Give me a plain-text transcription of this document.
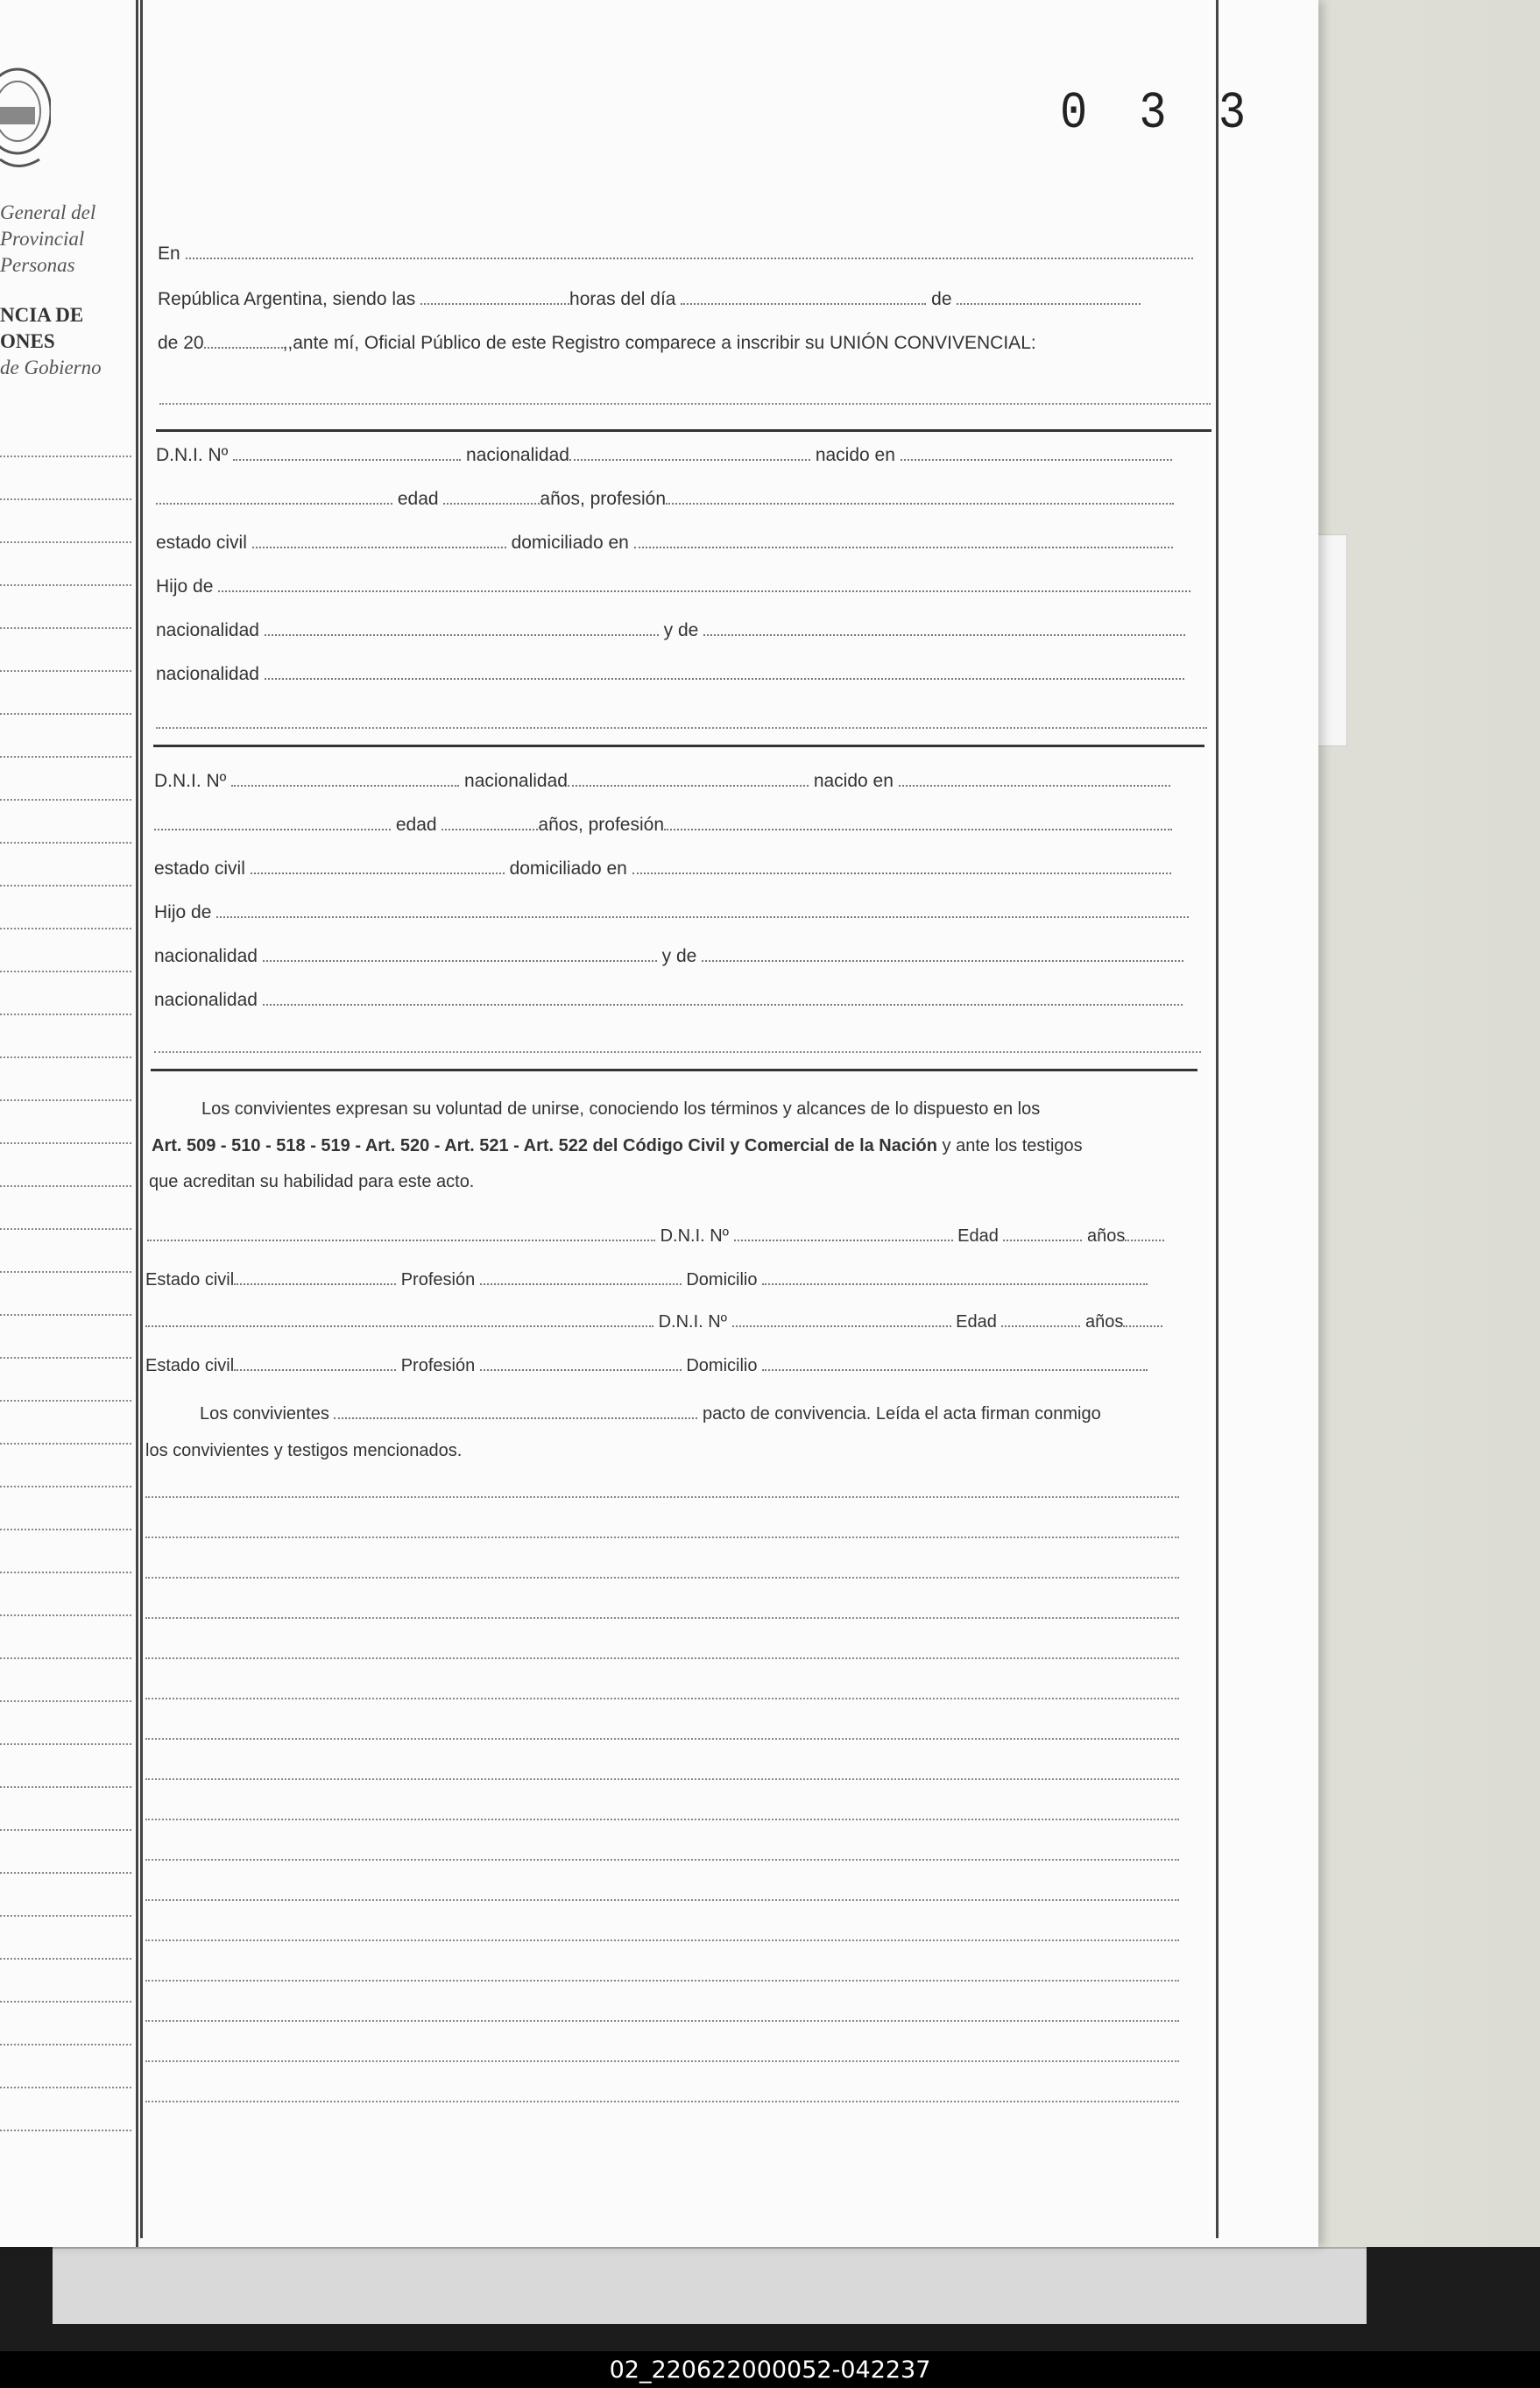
General del
Provincial
Personas
NCIA DE
ONES
de Gobierno
0 3 3
En
República Argentina, siendo las	horas del día	de
de 20	,,ante mí, Oficial Público de este Registro comparece a inscribir su UNIÓN CONVIVENCIAL:
D.N.I. Nº	nacionalidad	nacido en
edad	años, profesión
estado civil	domiciliado en
Hijo de
nacionalidad	y de
nacionalidad
D.N.I. Nº	nacionalidad	nacido en
edad	años, profesión
estado civil	domiciliado en
Hijo de
nacionalidad	y de
nacionalidad
Los convivientes expresan su voluntad de unirse, conociendo los términos y alcances de lo dispuesto en los
Art. 509 - 510 - 518 - 519 - Art. 520 - Art. 521 - Art. 522 del Código Civil y Comercial de la Nación y ante los testigos
que acreditan su habilidad para este acto.
D.N.I. Nº	Edad	años
Estado civil	Profesión	Domicilio
D.N.I. Nº	Edad	años
Estado civil	Profesión	Domicilio
Los convivientes	pacto de convivencia. Leída el acta firman conmigo
los convivientes y testigos mencionados.
02_220622000052-042237
